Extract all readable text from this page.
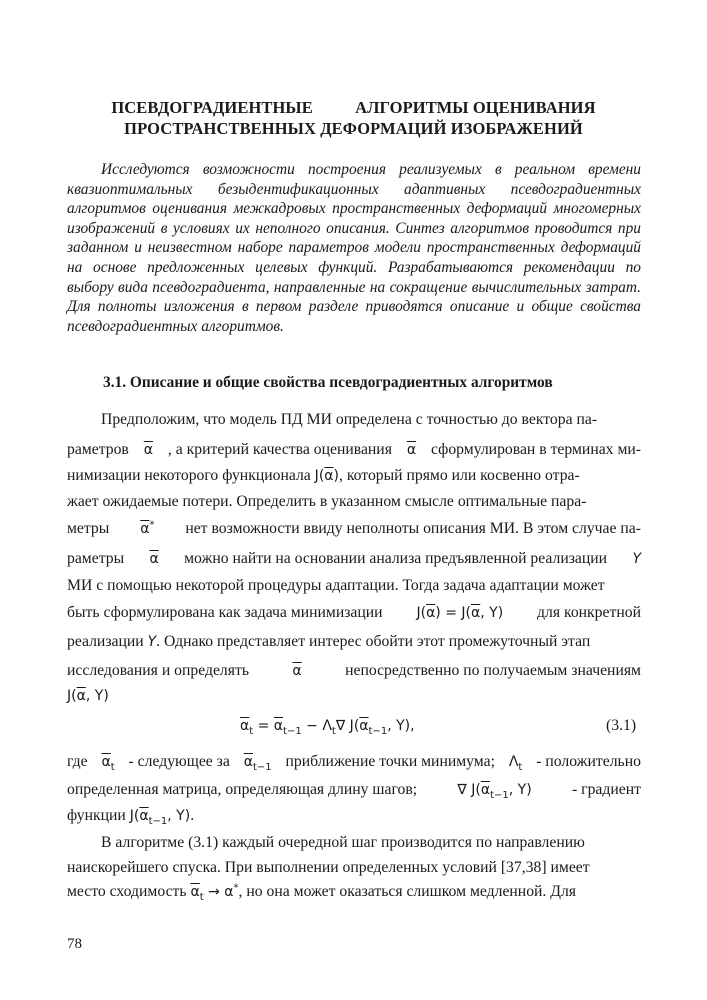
ПСЕВДОГРАДИЕНТНЫЕ          АЛГОРИТМЫ ОЦЕНИВАНИЯ
ПРОСТРАНСТВЕННЫХ ДЕФОРМАЦИЙ ИЗОБРАЖЕНИЙ
Исследуются возможности построения реализуемых в реальном времени квазиоптимальных безыдентификационных адаптивных псевдоградиентных алгоритмов оценивания межкадровых пространственных деформаций многомерных изображений в условиях их неполного описания. Синтез алгоритмов проводится при заданном и неизвестном наборе параметров модели пространственных деформаций на основе предложенных целевых функций. Разрабатываются рекомендации по выбору вида псевдоградиента, направленные на сокращение вычислительных затрат. Для полноты изложения в первом разделе приводятся описание и общие свойства псевдоградиентных алгоритмов.
3.1. Описание и общие свойства псевдоградиентных алгоритмов
Предположим, что модель ПД МИ определена с точностью до вектора па-
раметров $\overline{\alpha}$ , а критерий качества оценивания $\overline{\alpha}$ сформулирован в терминах ми-
нимизации некоторого функционала $J(\overline{\alpha})$, который прямо или косвенно отра-
жает ожидаемые потери. Определить в указанном смысле оптимальные пара-
метры $\overline{\alpha}^*$ нет возможности ввиду неполноты описания МИ. В этом случае па-
раметры $\overline{\alpha}$ можно найти на основании анализа предъявленной реализации Y
МИ с помощью некоторой процедуры адаптации. Тогда задача адаптации может
быть сформулирована как задача минимизации $J(\overline{\alpha}) = J(\overline{\alpha}$, Y) для конкретной
реализации Y. Однако представляет интерес обойти этот промежуточный этап
исследования и определять	$\overline{\alpha}$	непосредственно по получаемым значениям
$J(\overline{\alpha}$, Y)
$\overline{\alpha}_t = \overline{\alpha}_{t-1} - \Lambda_t\nabla$ $J(\overline{\alpha}_{t-1}$, Y),	(3.1)
где $\overline{\alpha}_t$ - следующее за $\overline{\alpha}_{t-1}$ приближение точки минимума; $\Lambda_t$ - положительно
определенная матрица, определяющая длину шагов;	∇ $J(\overline{\alpha}_{t-1}$, Y)	- градиент
функции $J(\overline{\alpha}_{t-1}$, Y).
В алгоритме (3.1) каждый очередной шаг производится по направлению
наискорейшего спуска. При выполнении определенных условий [37,38] имеет
место сходимость $\overline{\alpha}_t \to \alpha^*$, но она может оказаться слишком медленной. Для
78
